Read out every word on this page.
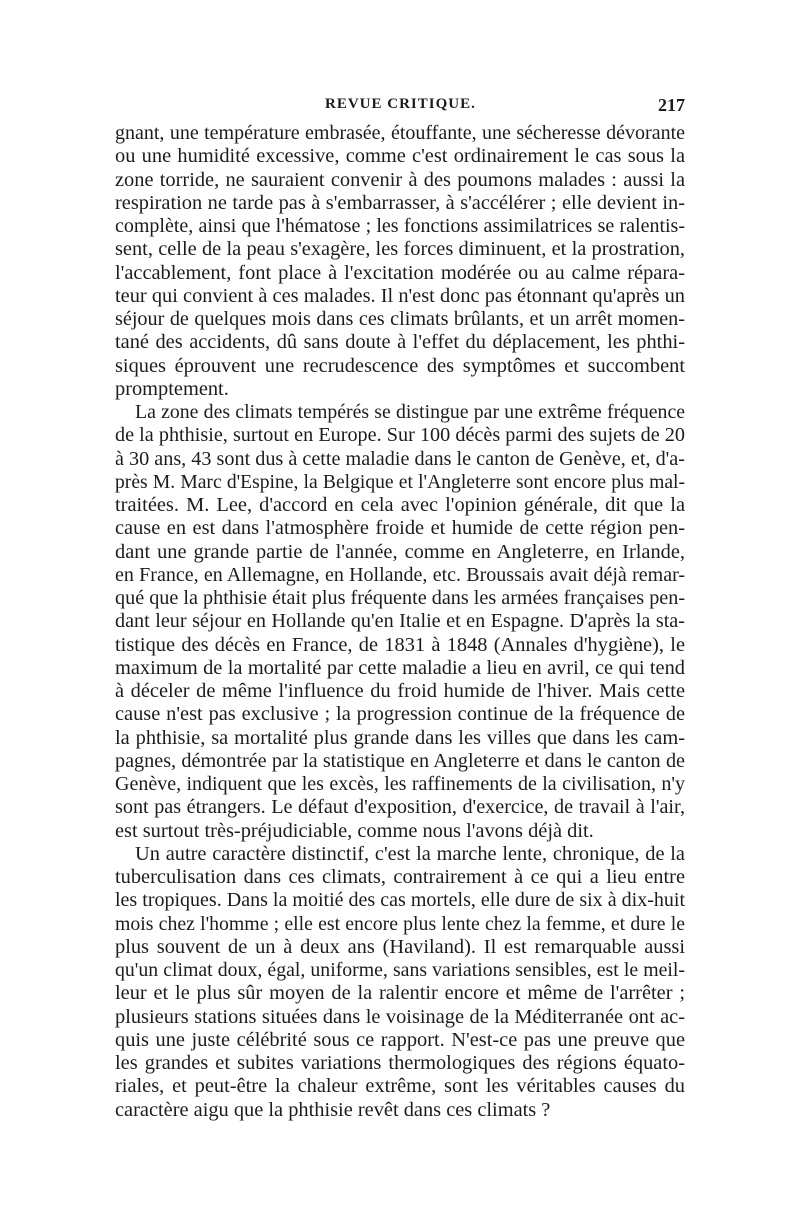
REVUE CRITIQUE.	217
gnant, une température embrasée, étouffante, une sécheresse dévorante
ou une humidité excessive, comme c'est ordinairement le cas sous la
zone torride, ne sauraient convenir à des poumons malades : aussi la
respiration ne tarde pas à s'embarrasser, à s'accélérer ; elle devient in-
complète, ainsi que l'hématose ; les fonctions assimilatrices se ralentis-
sent, celle de la peau s'exagère, les forces diminuent, et la prostration,
l'accablement, font place à l'excitation modérée ou au calme répara-
teur qui convient à ces malades. Il n'est donc pas étonnant qu'après un
séjour de quelques mois dans ces climats brûlants, et un arrêt momen-
tané des accidents, dû sans doute à l'effet du déplacement, les phthi-
siques éprouvent une recrudescence des symptômes et succombent
promptement.
La zone des climats tempérés se distingue par une extrême fréquence
de la phthisie, surtout en Europe. Sur 100 décès parmi des sujets de 20
à 30 ans, 43 sont dus à cette maladie dans le canton de Genève, et, d'a-
près M. Marc d'Espine, la Belgique et l'Angleterre sont encore plus mal-
traitées. M. Lee, d'accord en cela avec l'opinion générale, dit que la
cause en est dans l'atmosphère froide et humide de cette région pen-
dant une grande partie de l'année, comme en Angleterre, en Irlande,
en France, en Allemagne, en Hollande, etc. Broussais avait déjà remar-
qué que la phthisie était plus fréquente dans les armées françaises pen-
dant leur séjour en Hollande qu'en Italie et en Espagne. D'après la sta-
tistique des décès en France, de 1831 à 1848 (Annales d'hygiène), le
maximum de la mortalité par cette maladie a lieu en avril, ce qui tend
à déceler de même l'influence du froid humide de l'hiver. Mais cette
cause n'est pas exclusive ; la progression continue de la fréquence de
la phthisie, sa mortalité plus grande dans les villes que dans les cam-
pagnes, démontrée par la statistique en Angleterre et dans le canton de
Genève, indiquent que les excès, les raffinements de la civilisation, n'y
sont pas étrangers. Le défaut d'exposition, d'exercice, de travail à l'air,
est surtout très-préjudiciable, comme nous l'avons déjà dit.
Un autre caractère distinctif, c'est la marche lente, chronique, de la
tuberculisation dans ces climats, contrairement à ce qui a lieu entre
les tropiques. Dans la moitié des cas mortels, elle dure de six à dix-huit
mois chez l'homme ; elle est encore plus lente chez la femme, et dure le
plus souvent de un à deux ans (Haviland). Il est remarquable aussi
qu'un climat doux, égal, uniforme, sans variations sensibles, est le meil-
leur et le plus sûr moyen de la ralentir encore et même de l'arrêter ;
plusieurs stations situées dans le voisinage de la Méditerranée ont ac-
quis une juste célébrité sous ce rapport. N'est-ce pas une preuve que
les grandes et subites variations thermologiques des régions équato-
riales, et peut-être la chaleur extrême, sont les véritables causes du
caractère aigu que la phthisie revêt dans ces climats ?
